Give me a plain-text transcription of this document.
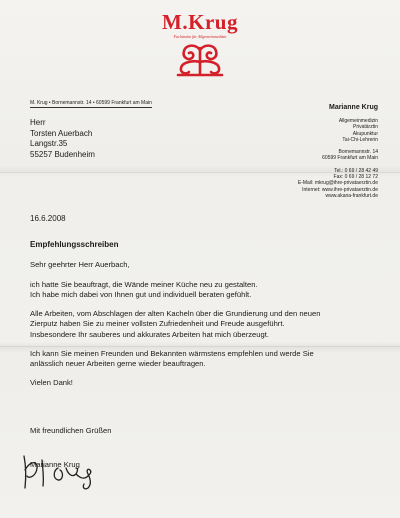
M.Krug
Fachärztin für Allgemeinmedizin
M. Krug • Bornemannstr. 14 • 60599 Frankfurt am Main
Herr
Torsten Auerbach
Langstr.35
55257 Budenheim
Marianne Krug
Allgemeinmedizin
Privatärztin
Akupunktur
Tai-Chi-Lehrerin
Bornemannstr. 14
60599 Frankfurt am Main
Tel.: 0 69 / 28 42 49
Fax: 0 69 / 28 12 72
E-Mail: mkrug@ihre-privataerztin.de
Internet: www.ihre-privataerztin.de
www.akana-frankfurt.de
16.6.2008
Empfehlungsschreiben

Sehr geehrter Herr Auerbach,

ich hatte Sie beauftragt, die Wände meiner Küche neu zu gestalten.
Ich habe mich dabei von Ihnen gut und individuell beraten gefühlt.

Alle Arbeiten, vom Abschlagen der alten Kacheln über die Grundierung und den neuen
Zierputz haben Sie zu meiner vollsten Zufriedenheit und Freude ausgeführt.
Insbesondere Ihr sauberes und akkurates Arbeiten hat mich überzeugt.

Ich kann Sie meinen Freunden und Bekannten wärmstens empfehlen und werde Sie
anlässlich neuer Arbeiten gerne wieder beauftragen.

Vielen Dank!

Mit freundlichen Grüßen
Marianne Krug
